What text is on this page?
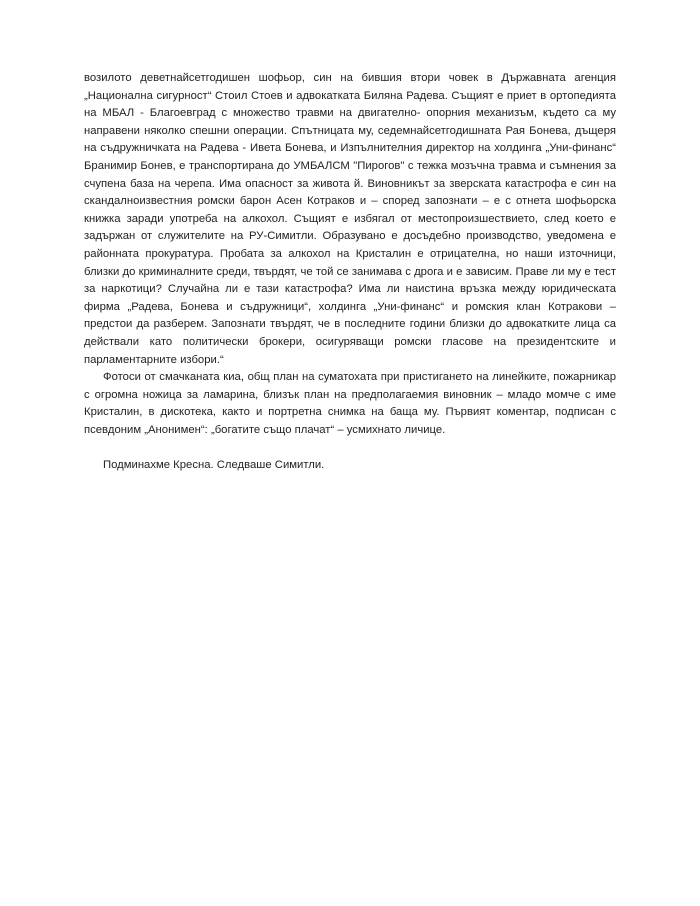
возилото деветнайсетгодишен шофьор, син на бившия втори човек в Държавната агенция „Национална сигурност“ Стоил Стоев и адвокатката Биляна Радева. Същият е приет в ортопедията на МБАЛ - Благоевград с множество травми на двигателно- опорния механизъм, където са му направени няколко спешни операции. Спътницата му, седемнайсетгодишната Рая Бонева, дъщеря на съдружничката на Радева - Ивета Бонева, и Изпълнителния директор на холдинга „Уни-финанс“ Бранимир Бонев, е транспортирана до УМБАЛСМ "Пирогов" с тежка мозъчна травма и съмнения за счупена база на черепа. Има опасност за живота й. Виновникът за зверската катастрофа е син на скандалноизвестния ромски барон Асен Котраков и – според запознати – е с отнета шофьорска книжка заради употреба на алкохол. Същият е избягал от местопроизшествието, след което е задържан от служителите на РУ-Симитли. Образувано е досъдебно производство, уведомена е районната прокуратура. Пробата за алкохол на Кристалин е отрицателна, но наши източници, близки до криминалните среди, твърдят, че той се занимава с дрога и е зависим. Праве ли му е тест за наркотици? Случайна ли е тази катастрофа? Има ли наистина връзка между юридическата фирма „Радева, Бонева и съдружници“, холдинга „Уни-финанс“ и ромския клан Котракови – предстои да разберем. Запознати твърдят, че в последните години близки до адвокатките лица са действали като политически брокери, осигуряващи ромски гласове на президентските и парламентарните избори.“

Фотоси от смачканата киа, общ план на суматохата при пристигането на линейките, пожарникар с огромна ножица за ламарина, близък план на предполагаемия виновник – младо момче с име Кристалин, в дискотека, както и портретна снимка на баща му. Първият коментар, подписан с псевдоним „Анонимен“: „богатите също плачат“ – усмихнато личице.

Подминахме Кресна. Следваше Симитли.
